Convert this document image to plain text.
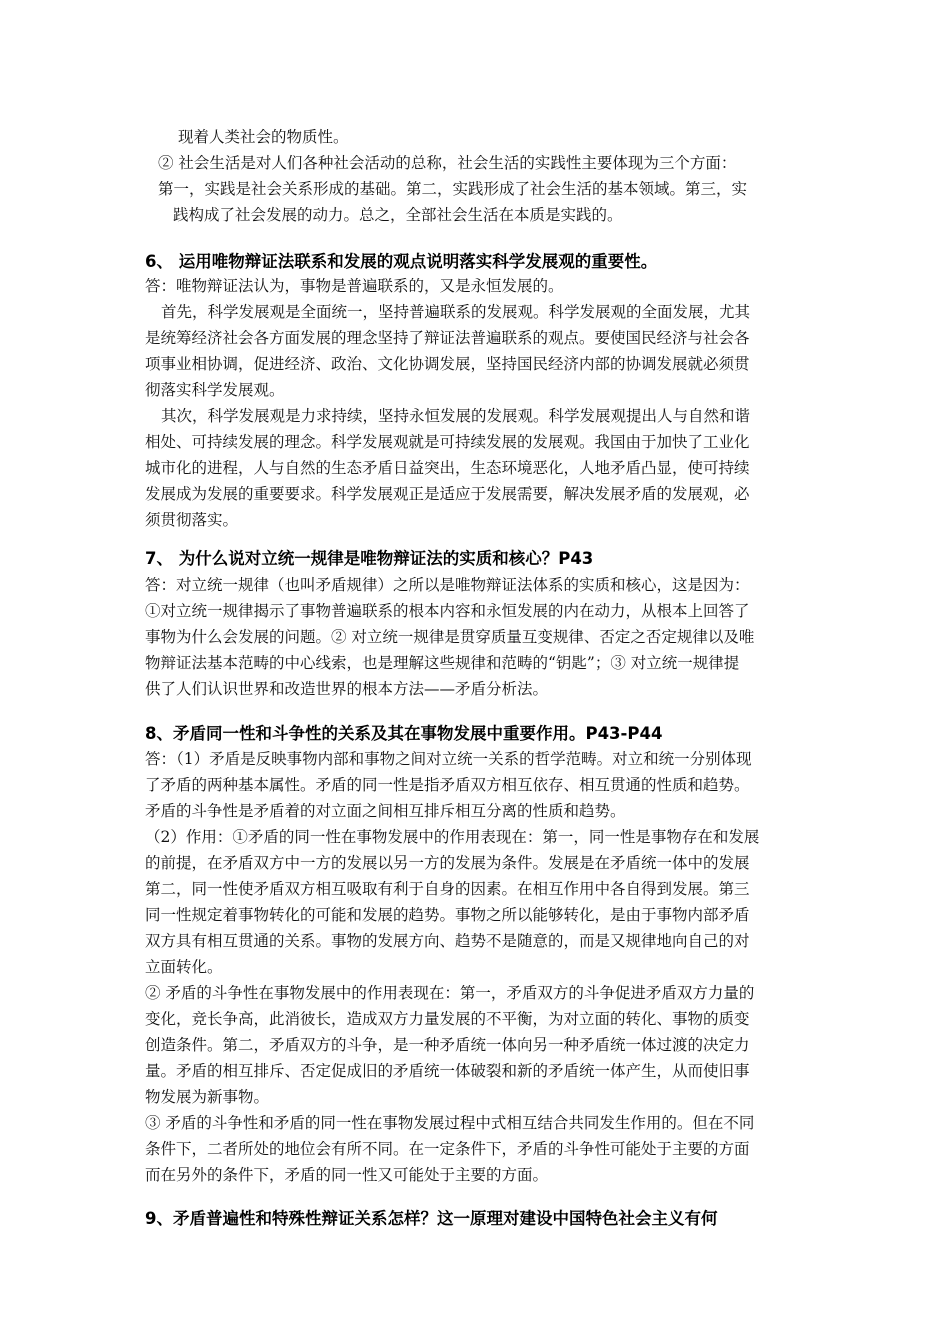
现着人类社会的物质性。
② 社会生活是对人们各种社会活动的总称，社会生活的实践性主要体现为三个方面：
第一，实践是社会关系形成的基础。第二，实践形成了社会生活的基本领域。第三，实
践构成了社会发展的动力。总之，全部社会生活在本质是实践的。
6、 运用唯物辩证法联系和发展的观点说明落实科学发展观的重要性。
答：唯物辩证法认为，事物是普遍联系的，又是永恒发展的。
首先，科学发展观是全面统一，坚持普遍联系的发展观。科学发展观的全面发展，尤其
是统筹经济社会各方面发展的理念坚持了辩证法普遍联系的观点。要使国民经济与社会各
项事业相协调，促进经济、政治、文化协调发展，坚持国民经济内部的协调发展就必须贯
彻落实科学发展观。
其次，科学发展观是力求持续，坚持永恒发展的发展观。科学发展观提出人与自然和谐
相处、可持续发展的理念。科学发展观就是可持续发展的发展观。我国由于加快了工业化
城市化的进程，人与自然的生态矛盾日益突出，生态环境恶化，人地矛盾凸显，使可持续
发展成为发展的重要要求。科学发展观正是适应于发展需要，解决发展矛盾的发展观，必
须贯彻落实。
7、 为什么说对立统一规律是唯物辩证法的实质和核心？P43
答：对立统一规律（也叫矛盾规律）之所以是唯物辩证法体系的实质和核心，这是因为：
①对立统一规律揭示了事物普遍联系的根本内容和永恒发展的内在动力，从根本上回答了
事物为什么会发展的问题。② 对立统一规律是贯穿质量互变规律、否定之否定规律以及唯
物辩证法基本范畴的中心线索，也是理解这些规律和范畴的“钥匙”；③ 对立统一规律提
供了人们认识世界和改造世界的根本方法——矛盾分析法。
8、矛盾同一性和斗争性的关系及其在事物发展中重要作用。P43-P44
答：（1）矛盾是反映事物内部和事物之间对立统一关系的哲学范畴。对立和统一分别体现
了矛盾的两种基本属性。矛盾的同一性是指矛盾双方相互依存、相互贯通的性质和趋势。
矛盾的斗争性是矛盾着的对立面之间相互排斥相互分离的性质和趋势。
（2）作用：①矛盾的同一性在事物发展中的作用表现在：第一，同一性是事物存在和发展
的前提，在矛盾双方中一方的发展以另一方的发展为条件。发展是在矛盾统一体中的发展
第二，同一性使矛盾双方相互吸取有利于自身的因素。在相互作用中各自得到发展。第三
同一性规定着事物转化的可能和发展的趋势。事物之所以能够转化，是由于事物内部矛盾
双方具有相互贯通的关系。事物的发展方向、趋势不是随意的，而是又规律地向自己的对
立面转化。
② 矛盾的斗争性在事物发展中的作用表现在：第一，矛盾双方的斗争促进矛盾双方力量的
变化，竞长争高，此消彼长，造成双方力量发展的不平衡，为对立面的转化、事物的质变
创造条件。第二，矛盾双方的斗争，是一种矛盾统一体向另一种矛盾统一体过渡的决定力
量。矛盾的相互排斥、否定促成旧的矛盾统一体破裂和新的矛盾统一体产生，从而使旧事
物发展为新事物。
③ 矛盾的斗争性和矛盾的同一性在事物发展过程中式相互结合共同发生作用的。但在不同
条件下，二者所处的地位会有所不同。在一定条件下，矛盾的斗争性可能处于主要的方面
而在另外的条件下，矛盾的同一性又可能处于主要的方面。
9、矛盾普遍性和特殊性辩证关系怎样？这一原理对建设中国特色社会主义有何
